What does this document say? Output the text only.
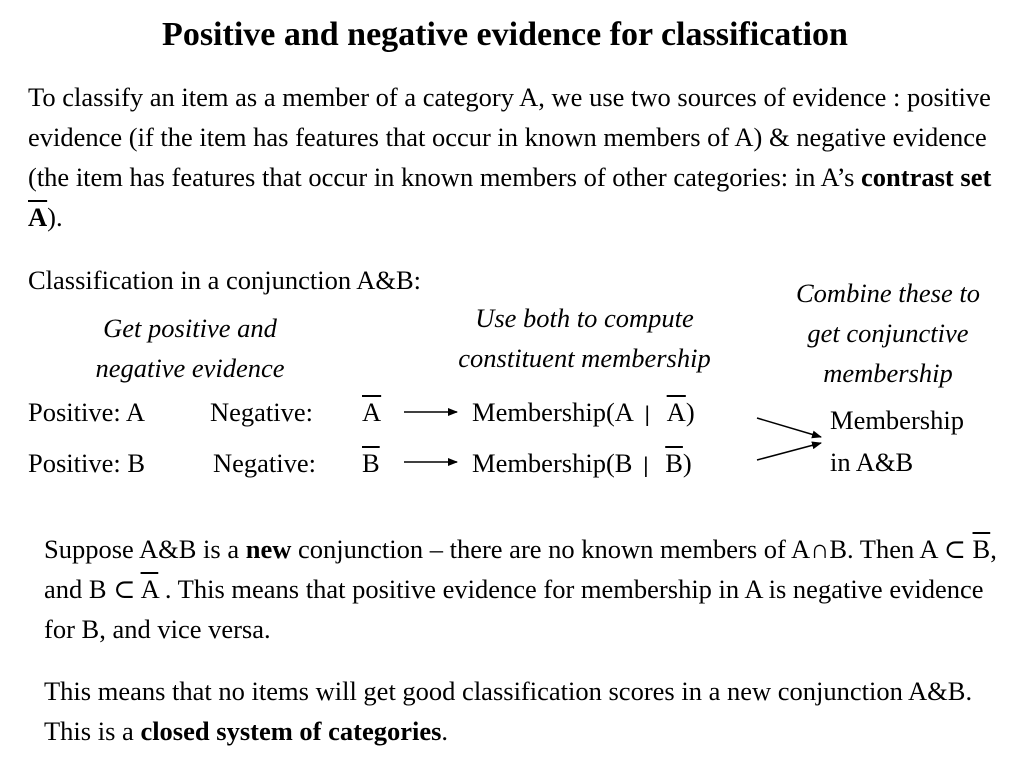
Positive and negative evidence for classification
To classify an item as a member of a category A, we use two sources of evidence : positive evidence (if the item has features that occur in known members of A) & negative evidence (the item has features that occur in known members of other categories: in A’s contrast set $\overline{A}$).
Classification in a conjunction A&B:
Get positive and
negative evidence
Use both to compute
constituent membership
Combine these to
get conjunctive
membership
Positive: A Negative: $\overline{A}$	Membership(A | $\overline{A}$)
Positive: B	Negative: $\overline{B}$	Membership(B | $\overline{B}$)
Membership
in A&B
Suppose A&B is a new conjunction – there are no known members of A∩B. Then A ⊂ $\overline{B}$, and B ⊂ $\overline{A}$ . This means that positive evidence for membership in A is negative evidence for B, and vice versa.
This means that no items will get good classification scores in a new conjunction A&B. This is a closed system of categories.
